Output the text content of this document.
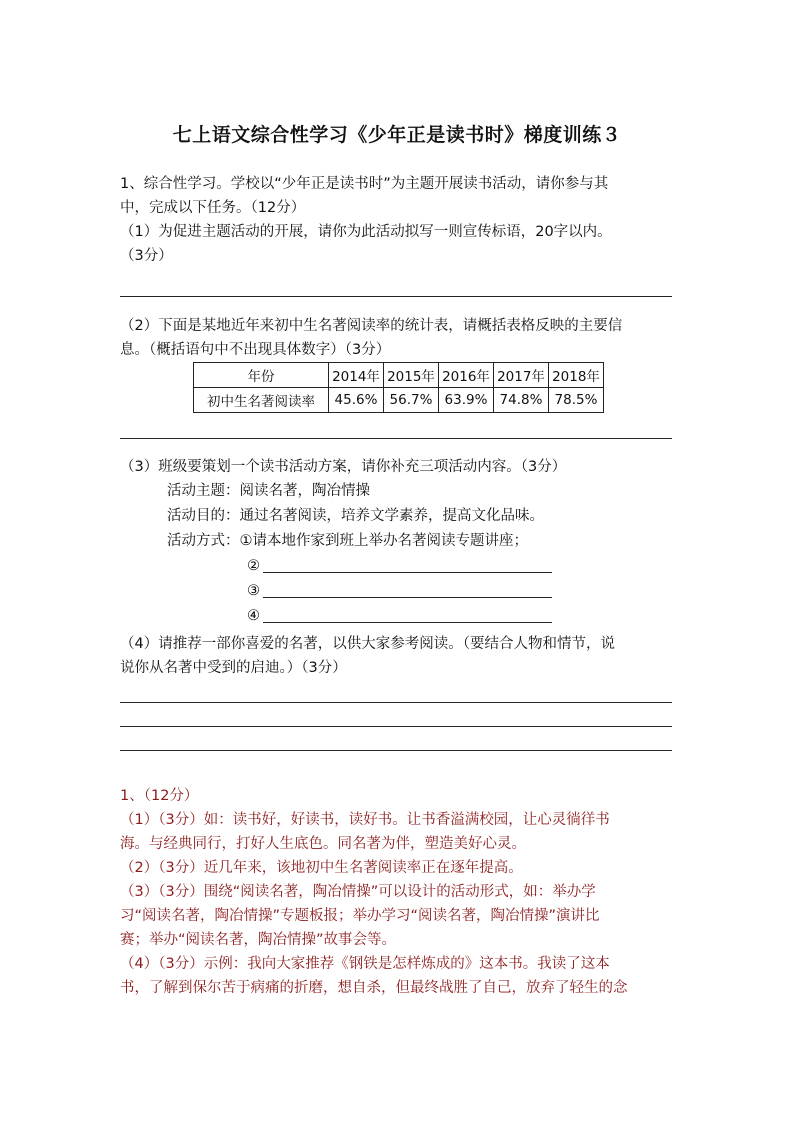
七上语文综合性学习《少年正是读书时》梯度训练３
1、综合性学习。学校以“少年正是读书时”为主题开展读书活动，请你参与其
中，完成以下任务。（12分）
（1）为促进主题活动的开展，请你为此活动拟写一则宣传标语，20字以内。
（3分）
（2）下面是某地近年来初中生名著阅读率的统计表，请概括表格反映的主要信
息。（概括语句中不出现具体数字）（3分）
年份	2014年	2015年	2016年	2017年	2018年
初中生名著阅读率	45.6%	56.7%	63.9%	74.8%	78.5%
（3）班级要策划一个读书活动方案，请你补充三项活动内容。（3分）
活动主题：阅读名著，陶冶情操
活动目的：通过名著阅读，培养文学素养，提高文化品味。
活动方式：①请本地作家到班上举办名著阅读专题讲座；
②
③
④
（4）请推荐一部你喜爱的名著，以供大家参考阅读。（要结合人物和情节，说
说你从名著中受到的启迪。）（3分）
1、（12分）
（1）（3分）如：读书好，好读书，读好书。让书香溢满校园，让心灵徜徉书
海。与经典同行，打好人生底色。同名著为伴，塑造美好心灵。
（2）（3分）近几年来，该地初中生名著阅读率正在逐年提高。
（3）（3分）围绕“阅读名著，陶冶情操”可以设计的活动形式，如：举办学
习“阅读名著，陶冶情操”专题板报；举办学习“阅读名著，陶冶情操”演讲比
赛；举办“阅读名著，陶冶情操”故事会等。
（4）（3分）示例：我向大家推荐《钢铁是怎样炼成的》这本书。我读了这本
书，了解到保尔苦于病痛的折磨，想自杀，但最终战胜了自己，放弃了轻生的念
